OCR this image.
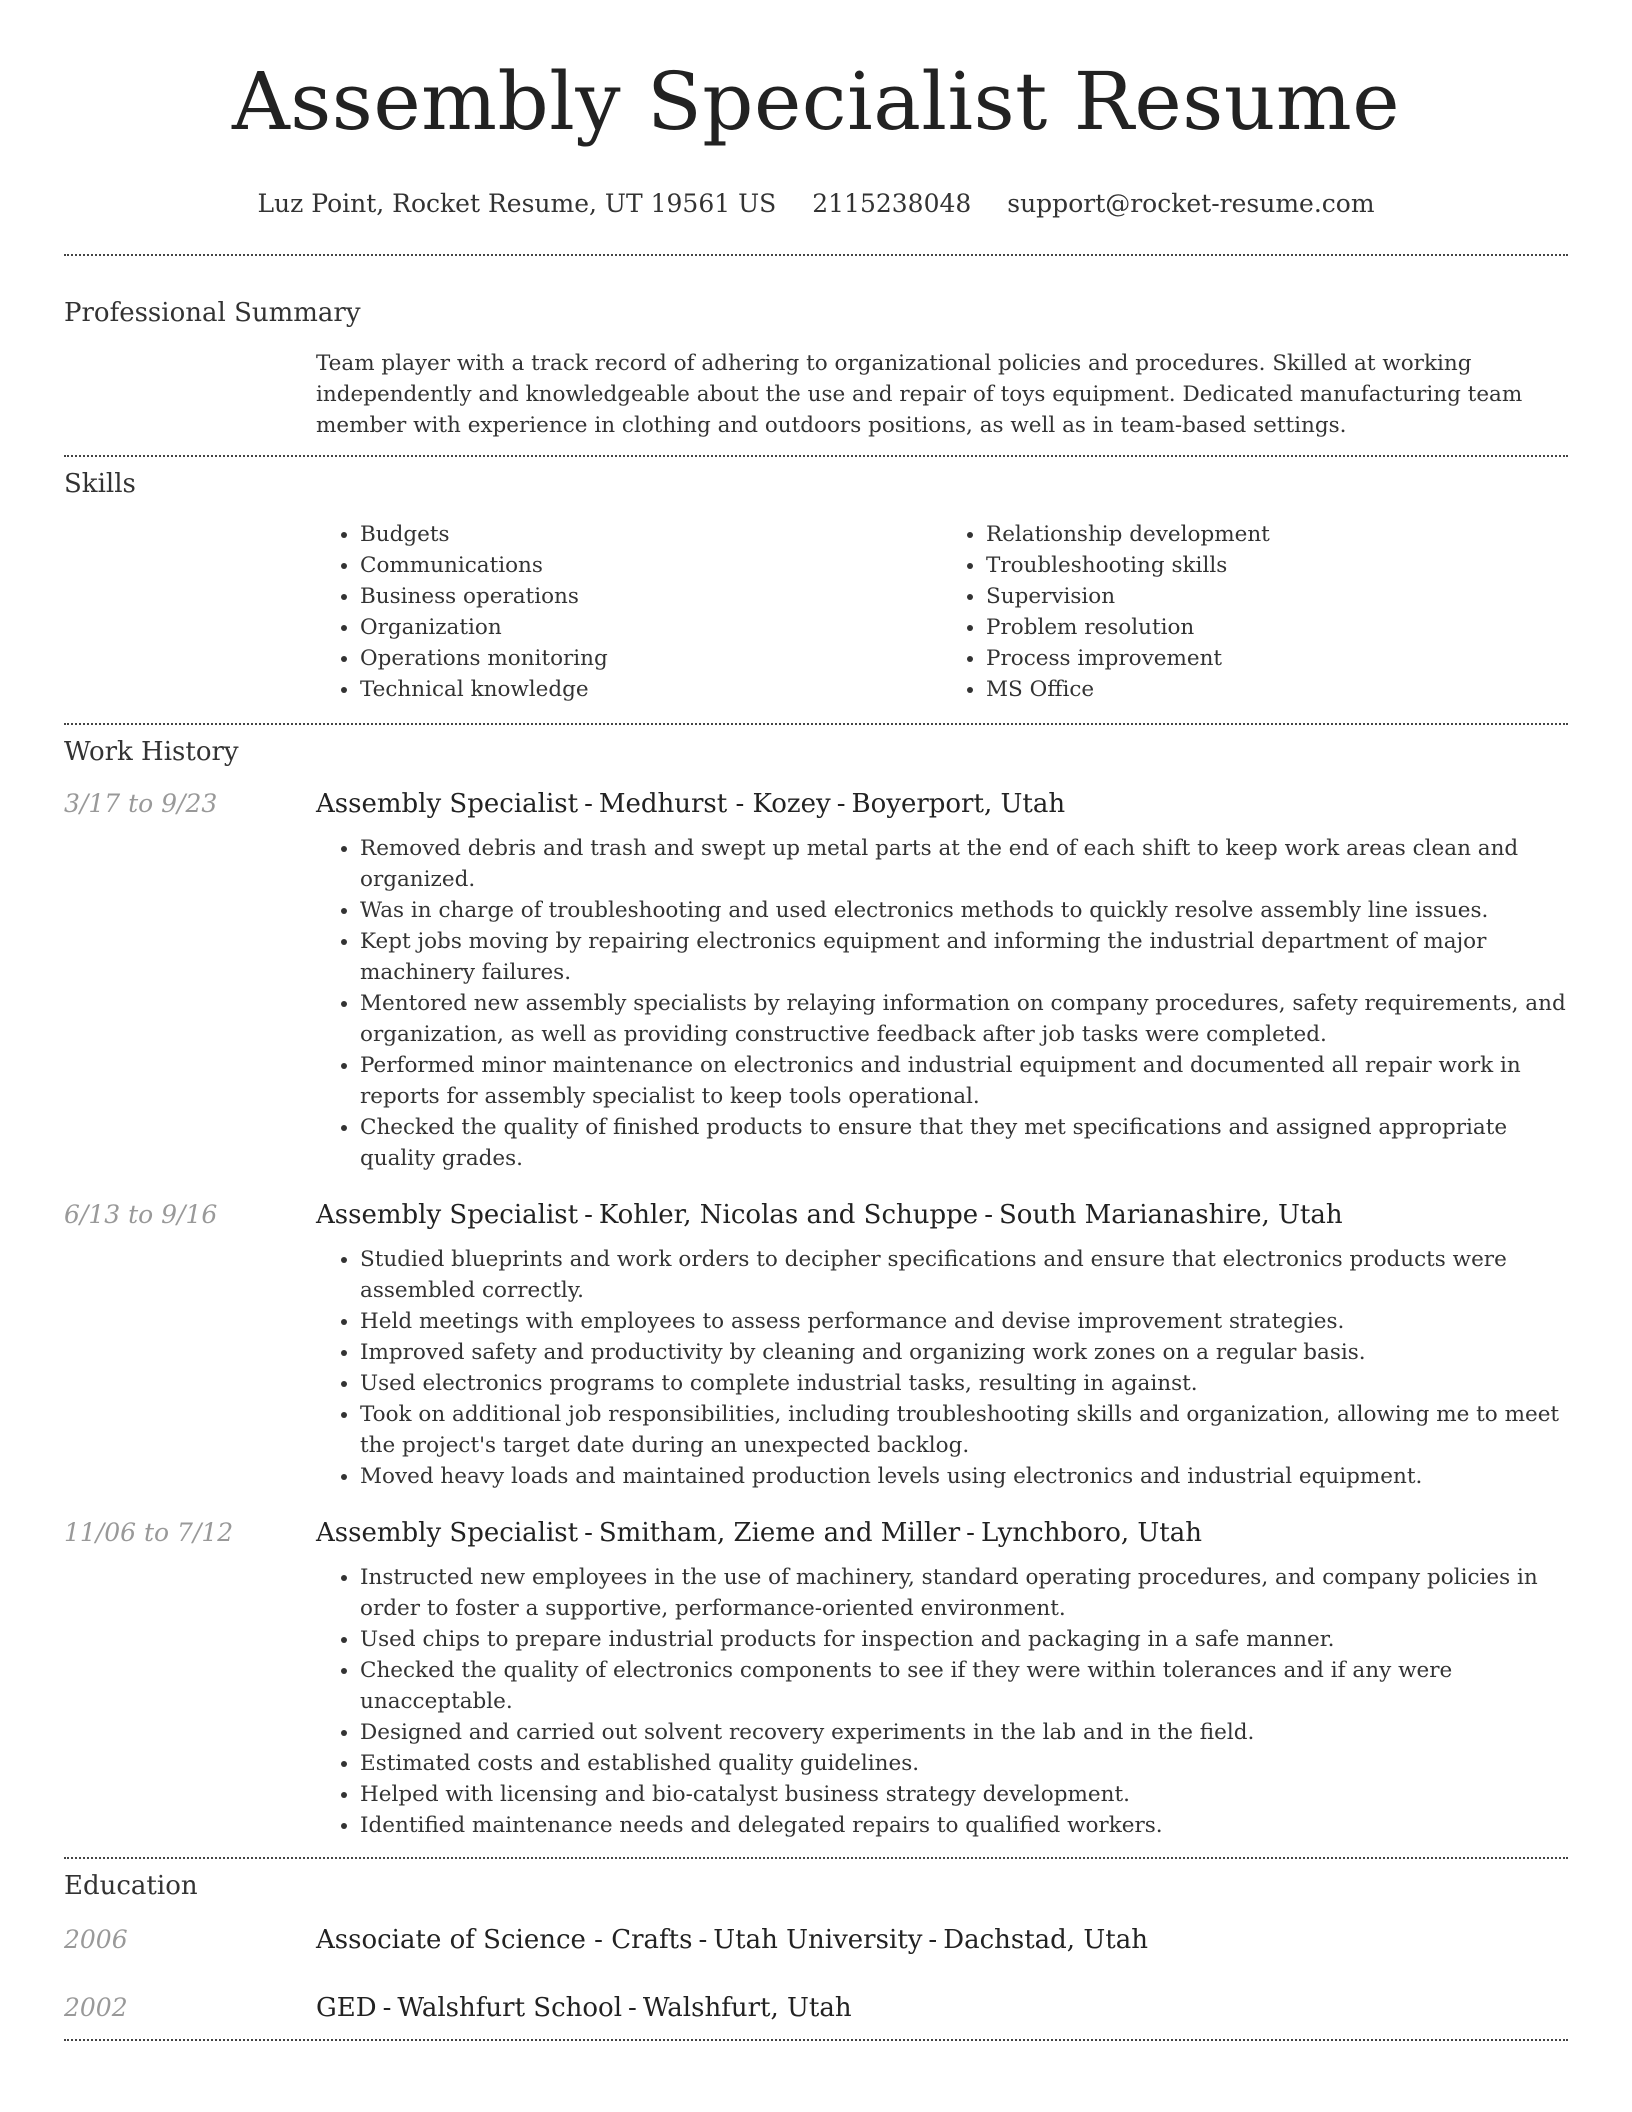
Assembly Specialist Resume
Luz Point, Rocket Resume, UT 19561 US 2115238048 support@rocket-resume.com
Professional Summary

Team player with a track record of adhering to organizational policies and procedures. Skilled at working independently and knowledgeable about the use and repair of toys equipment. Dedicated manufacturing team member with experience in clothing and outdoors positions, as well as in team-based settings.

Skills
• Budgets
• Communications
• Business operations
• Organization
• Operations monitoring
• Technical knowledge
• Relationship development
• Troubleshooting skills
• Supervision
• Problem resolution
• Process improvement
• MS Office
Work History
3/17 to 9/23	Assembly Specialist - Medhurst - Kozey - Boyerport, Utah
• Removed debris and trash and swept up metal parts at the end of each shift to keep work areas clean and organized.
• Was in charge of troubleshooting and used electronics methods to quickly resolve assembly line issues.
• Kept jobs moving by repairing electronics equipment and informing the industrial department of major machinery failures.
• Mentored new assembly specialists by relaying information on company procedures, safety requirements, and organization, as well as providing constructive feedback after job tasks were completed.
• Performed minor maintenance on electronics and industrial equipment and documented all repair work in reports for assembly specialist to keep tools operational.
• Checked the quality of finished products to ensure that they met specifications and assigned appropriate quality grades.
6/13 to 9/16	Assembly Specialist - Kohler, Nicolas and Schuppe - South Marianashire, Utah
• Studied blueprints and work orders to decipher specifications and ensure that electronics products were assembled correctly.
• Held meetings with employees to assess performance and devise improvement strategies.
• Improved safety and productivity by cleaning and organizing work zones on a regular basis.
• Used electronics programs to complete industrial tasks, resulting in against.
• Took on additional job responsibilities, including troubleshooting skills and organization, allowing me to meet the project's target date during an unexpected backlog.
• Moved heavy loads and maintained production levels using electronics and industrial equipment.
11/06 to 7/12	Assembly Specialist - Smitham, Zieme and Miller - Lynchboro, Utah
• Instructed new employees in the use of machinery, standard operating procedures, and company policies in order to foster a supportive, performance-oriented environment.
• Used chips to prepare industrial products for inspection and packaging in a safe manner.
• Checked the quality of electronics components to see if they were within tolerances and if any were unacceptable.
• Designed and carried out solvent recovery experiments in the lab and in the field.
• Estimated costs and established quality guidelines.
• Helped with licensing and bio-catalyst business strategy development.
• Identified maintenance needs and delegated repairs to qualified workers.
Education
2006	Associate of Science - Crafts - Utah University - Dachstad, Utah
2002	GED - Walshfurt School - Walshfurt, Utah
